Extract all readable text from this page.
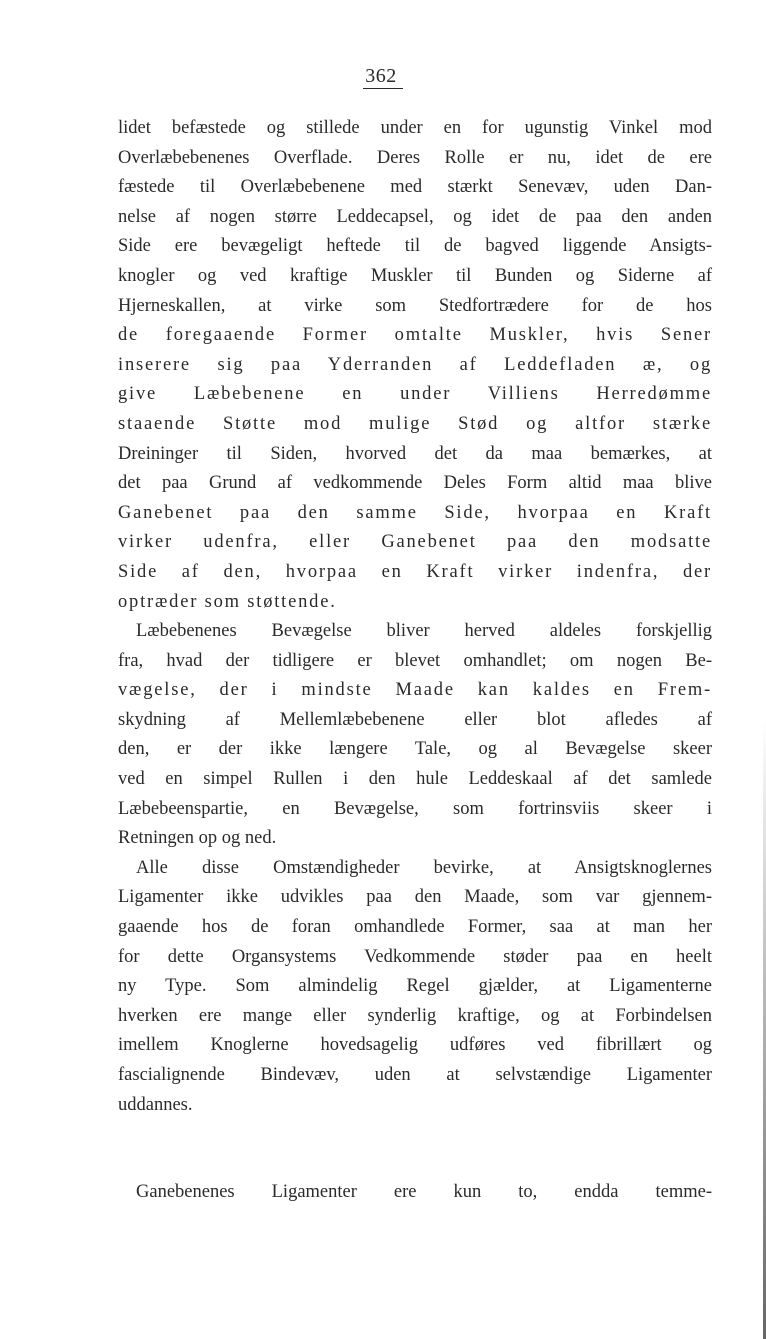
362
lidet befæstede og stillede under en for ugunstig Vinkel mod
Overlæbebenenes Overflade. Deres Rolle er nu, idet de ere
fæstede til Overlæbebenene med stærkt Senevæv, uden Dan-
nelse af nogen større Leddecapsel, og idet de paa den anden
Side ere bevægeligt heftede til de bagved liggende Ansigts-
knogler og ved kraftige Muskler til Bunden og Siderne af
Hjerneskallen, at virke som Stedfortrædere for de hos
de foregaaende Former omtalte Muskler, hvis Sener
inserere sig paa Yderranden af Leddefladen æ, og
give Læbebenene en under Villiens Herredømme
staaende Støtte mod mulige Stød og altfor stærke
Dreininger til Siden, hvorved det da maa bemærkes, at
det paa Grund af vedkommende Deles Form altid maa blive
Ganebenet paa den samme Side, hvorpaa en Kraft
virker udenfra, eller Ganebenet paa den modsatte
Side af den, hvorpaa en Kraft virker indenfra, der
optræder som støttende.
Læbebenenes Bevægelse bliver herved aldeles forskjellig
fra, hvad der tidligere er blevet omhandlet; om nogen Be-
vægelse, der i mindste Maade kan kaldes en Frem-
skydning af Mellemlæbebenene eller blot afledes af
den, er der ikke længere Tale, og al Bevægelse skeer
ved en simpel Rullen i den hule Leddeskaal af det samlede
Læbebeenspartie, en Bevægelse, som fortrinsviis skeer i
Retningen op og ned.
Alle disse Omstændigheder bevirke, at Ansigtsknoglernes
Ligamenter ikke udvikles paa den Maade, som var gjennem-
gaaende hos de foran omhandlede Former, saa at man her
for dette Organsystems Vedkommende støder paa en heelt
ny Type. Som almindelig Regel gjælder, at Ligamenterne
hverken ere mange eller synderlig kraftige, og at Forbindelsen
imellem Knoglerne hovedsagelig udføres ved fibrillært og
fascialignende Bindevæv, uden at selvstændige Ligamenter
uddannes.
Ganebenenes Ligamenter ere kun to, endda temme-
